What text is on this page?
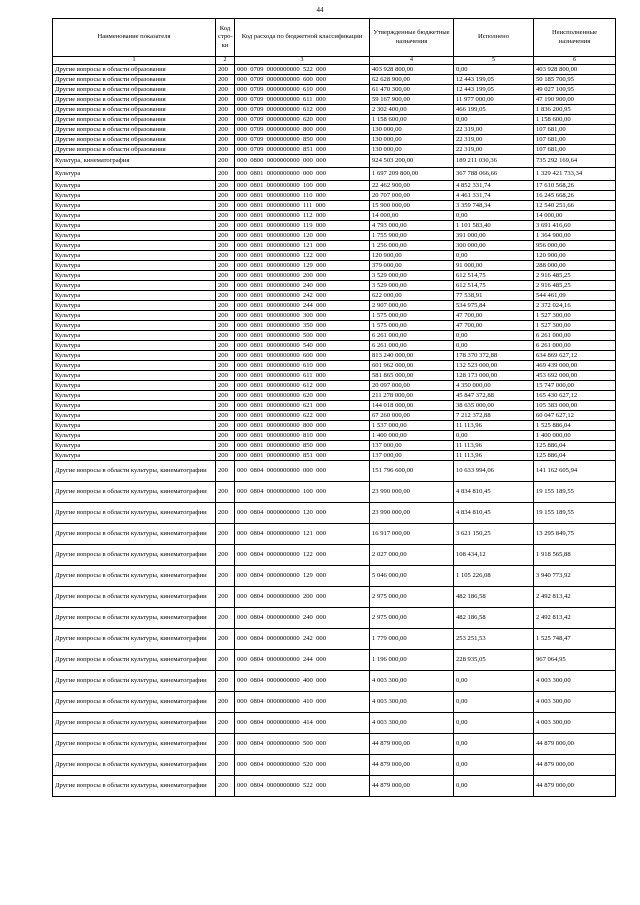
44
Наименование показателя	Код стро-ки	Код расхода по бюджетной классификации	Утвержденные бюджетные назначения	Исполнено	Неисполненные назначения
1	2	3	4	5	6
Другие вопросы в области образования	200	000  0709  0000000000  522  000	403 928 800,00	0,00	403 928 800,00
Другие вопросы в области образования	200	000  0709  0000000000  600  000	62 628 900,00	12 443 199,05	50 185 700,95
Другие вопросы в области образования	200	000  0709  0000000000  610  000	61 470 300,00	12 443 199,05	49 027 100,95
Другие вопросы в области образования	200	000  0709  0000000000  611  000	59 167 900,00	11 977 000,00	47 190 900,00
Другие вопросы в области образования	200	000  0709  0000000000  612  000	2 302 400,00	466 199,05	1 836 200,95
Другие вопросы в области образования	200	000  0709  0000000000  620  000	1 158 600,00	0,00	1 158 600,00
Другие вопросы в области образования	200	000  0709  0000000000  800  000	130 000,00	22 319,00	107 681,00
Другие вопросы в области образования	200	000  0709  0000000000  850  000	130 000,00	22 319,00	107 681,00
Другие вопросы в области образования	200	000  0709  0000000000  851  000	130 000,00	22 319,00	107 681,00
Культура, кинематография	200	000  0800  0000000000  000  000	924 503 200,00	189 211 030,36	735 292 169,64
Культура	200	000  0801  0000000000  000  000	1 697 209 800,00	367 788 066,66	1 329 421 733,34
Культура	200	000  0801  0000000000  100  000	22 462 900,00	4 852 331,74	17 610 568,26
Культура	200	000  0801  0000000000  110  000	20 707 000,00	4 461 331,74	16 245 668,26
Культура	200	000  0801  0000000000  111  000	15 900 000,00	3 359 748,34	12 540 251,66
Культура	200	000  0801  0000000000  112  000	14 000,00	0,00	14 000,00
Культура	200	000  0801  0000000000  119  000	4 793 000,00	1 101 583,40	3 691 416,60
Культура	200	000  0801  0000000000  120  000	1 755 900,00	391 000,00	1 364 900,00
Культура	200	000  0801  0000000000  121  000	1 256 000,00	300 000,00	956 000,00
Культура	200	000  0801  0000000000  122  000	120 900,00	0,00	120 900,00
Культура	200	000  0801  0000000000  129  000	379 000,00	91 000,00	288 000,00
Культура	200	000  0801  0000000000  200  000	3 529 000,00	612 514,75	2 916 485,25
Культура	200	000  0801  0000000000  240  000	3 529 000,00	612 514,75	2 916 485,25
Культура	200	000  0801  0000000000  242  000	622 000,00	77 538,91	544 461,09
Культура	200	000  0801  0000000000  244  000	2 907 000,00	534 975,84	2 372 024,16
Культура	200	000  0801  0000000000  300  000	1 575 000,00	47 700,00	1 527 300,00
Культура	200	000  0801  0000000000  350  000	1 575 000,00	47 700,00	1 527 300,00
Культура	200	000  0801  0000000000  500  000	6 261 000,00	0,00	6 261 000,00
Культура	200	000  0801  0000000000  540  000	6 261 000,00	0,00	6 261 000,00
Культура	200	000  0801  0000000000  600  000	813 240 000,00	178 370 372,88	634 869 627,12
Культура	200	000  0801  0000000000  610  000	601 962 000,00	132 523 000,00	469 439 000,00
Культура	200	000  0801  0000000000  611  000	581 865 000,00	128 173 000,00	453 692 000,00
Культура	200	000  0801  0000000000  612  000	20 097 000,00	4 350 000,00	15 747 000,00
Культура	200	000  0801  0000000000  620  000	211 278 000,00	45 847 372,88	165 430 627,12
Культура	200	000  0801  0000000000  621  000	144 018 000,00	38 635 000,00	105 383 000,00
Культура	200	000  0801  0000000000  622  000	67 260 000,00	7 212 372,88	60 047 627,12
Культура	200	000  0801  0000000000  800  000	1 537 000,00	11 113,96	1 525 886,04
Культура	200	000  0801  0000000000  810  000	1 400 000,00	0,00	1 400 000,00
Культура	200	000  0801  0000000000  850  000	137 000,00	11 113,96	125 886,04
Культура	200	000  0801  0000000000  851  000	137 000,00	11 113,96	125 886,04
Другие вопросы в области культуры, кинематографии	200	000  0804  0000000000  000  000	151 796 600,00	10 633 994,06	141 162 605,94
Другие вопросы в области культуры, кинематографии	200	000  0804  0000000000  100  000	23 990 000,00	4 834 810,45	19 155 189,55
Другие вопросы в области культуры, кинематографии	200	000  0804  0000000000  120  000	23 990 000,00	4 834 810,45	19 155 189,55
Другие вопросы в области культуры, кинематографии	200	000  0804  0000000000  121  000	16 917 000,00	3 621 150,25	13 295 849,75
Другие вопросы в области культуры, кинематографии	200	000  0804  0000000000  122  000	2 027 000,00	108 434,12	1 918 565,88
Другие вопросы в области культуры, кинематографии	200	000  0804  0000000000  129  000	5 046 000,00	1 105 226,08	3 940 773,92
Другие вопросы в области культуры, кинематографии	200	000  0804  0000000000  200  000	2 975 000,00	482 186,58	2 492 813,42
Другие вопросы в области культуры, кинематографии	200	000  0804  0000000000  240  000	2 975 000,00	482 186,58	2 492 813,42
Другие вопросы в области культуры, кинематографии	200	000  0804  0000000000  242  000	1 779 000,00	253 251,53	1 525 748,47
Другие вопросы в области культуры, кинематографии	200	000  0804  0000000000  244  000	1 196 000,00	228 935,05	967 064,95
Другие вопросы в области культуры, кинематографии	200	000  0804  0000000000  400  000	4 003 300,00	0,00	4 003 300,00
Другие вопросы в области культуры, кинематографии	200	000  0804  0000000000  410  000	4 003 300,00	0,00	4 003 300,00
Другие вопросы в области культуры, кинематографии	200	000  0804  0000000000  414  000	4 003 300,00	0,00	4 003 300,00
Другие вопросы в области культуры, кинематографии	200	000  0804  0000000000  500  000	44 879 000,00	0,00	44 879 000,00
Другие вопросы в области культуры, кинематографии	200	000  0804  0000000000  520  000	44 879 000,00	0,00	44 879 000,00
Другие вопросы в области культуры, кинематографии	200	000  0804  0000000000  522  000	44 879 000,00	0,00	44 879 000,00
